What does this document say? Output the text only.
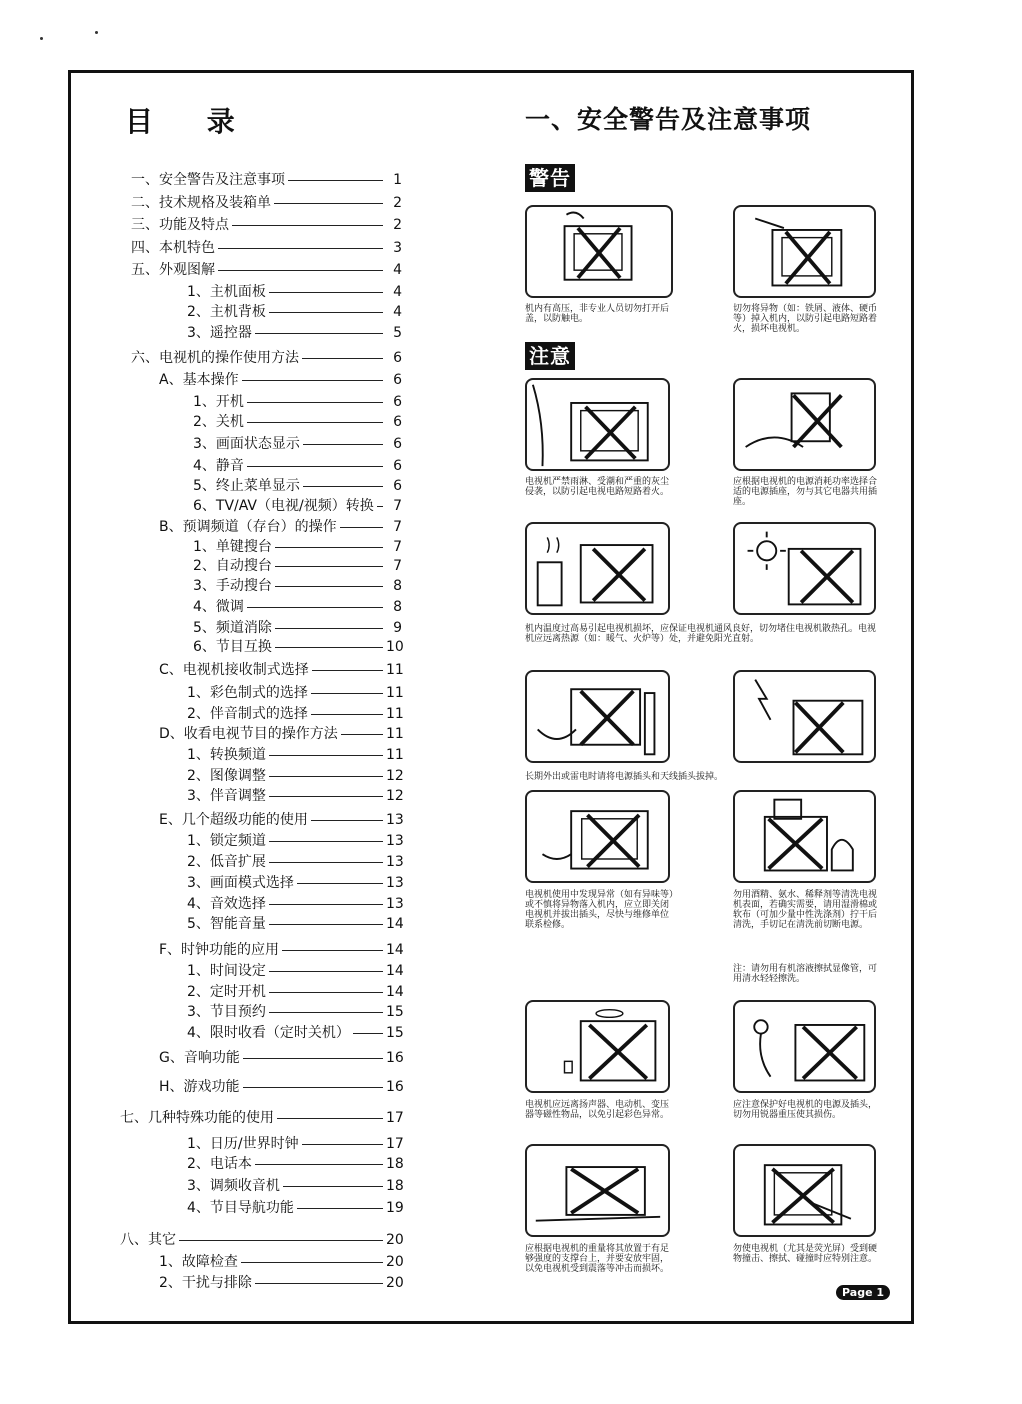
目 录
一、安全警告及注意事项	1
二、技术规格及装箱单	2
三、功能及特点	2
四、本机特色	3
五、外观图解	4
1、主机面板	4
2、主机背板	4
3、遥控器	5
六、电视机的操作使用方法	6
A、基本操作	6
1、开机	6
2、关机	6
3、画面状态显示	6
4、静音	6
5、终止菜单显示	6
6、TV/AV（电视/视频）转换	7
B、预调频道（存台）的操作	7
1、单键搜台	7
2、自动搜台	7
3、手动搜台	8
4、微调	8
5、频道消除	9
6、节目互换	10
C、电视机接收制式选择	11
1、彩色制式的选择	11
2、伴音制式的选择	11
D、收看电视节目的操作方法	11
1、转换频道	11
2、图像调整	12
3、伴音调整	12
E、几个超级功能的使用	13
1、锁定频道	13
2、低音扩展	13
3、画面模式选择	13
4、音效选择	13
5、智能音量	14
F、时钟功能的应用	14
1、时间设定	14
2、定时开机	14
3、节目预约	15
4、限时收看（定时关机）	15
G、音响功能	16
H、游戏功能	16
七、几种特殊功能的使用	17
1、日历/世界时钟	17
2、电话本	18
3、调频收音机	18
4、节目导航功能	19
八、其它	20
1、故障检查	20
2、干扰与排除	20
一、安全警告及注意事项
警告
机内有高压，非专业人员切勿打开后盖，以防触电。
切勿将异物（如：铁屑、液体、硬币等）掉入机内，以防引起电路短路着火，损坏电视机。
注意
电视机严禁雨淋、受潮和严重的灰尘侵袭，以防引起电视电路短路着火。
应根据电视机的电源消耗功率选择合适的电源插座，勿与其它电器共用插座。
机内温度过高易引起电视机损坏，应保证电视机通风良好，切勿堵住电视机散热孔。电视机应远离热源（如：暖气、火炉等）处，并避免阳光直射。
长期外出或雷电时请将电源插头和天线插头拔掉。
电视机使用中发现异常（如有异味等）或不慎将异物落入机内，应立即关闭电视机并拔出插头，尽快与维修单位联系检修。
勿用酒精、氨水、稀释剂等清洗电视机表面，若确实需要，请用湿滑棉或软布（可加少量中性洗涤剂）拧干后清洗，手切记在清洗前切断电源。
注：请勿用有机溶液擦拭显像管，可用清水轻轻擦洗。
电视机应远离扬声器、电动机、变压器等磁性物品，以免引起彩色异常。
应注意保护好电视机的电源及插头，切勿用锐器重压使其损伤。
应根据电视机的重量将其放置于有足够强度的支撑台上，并要安放牢固，以免电视机受到震落等冲击而损坏。
勿使电视机（尤其是荧光屏）受到硬物撞击、擦拭、碰撞时应特别注意。
Page 1
